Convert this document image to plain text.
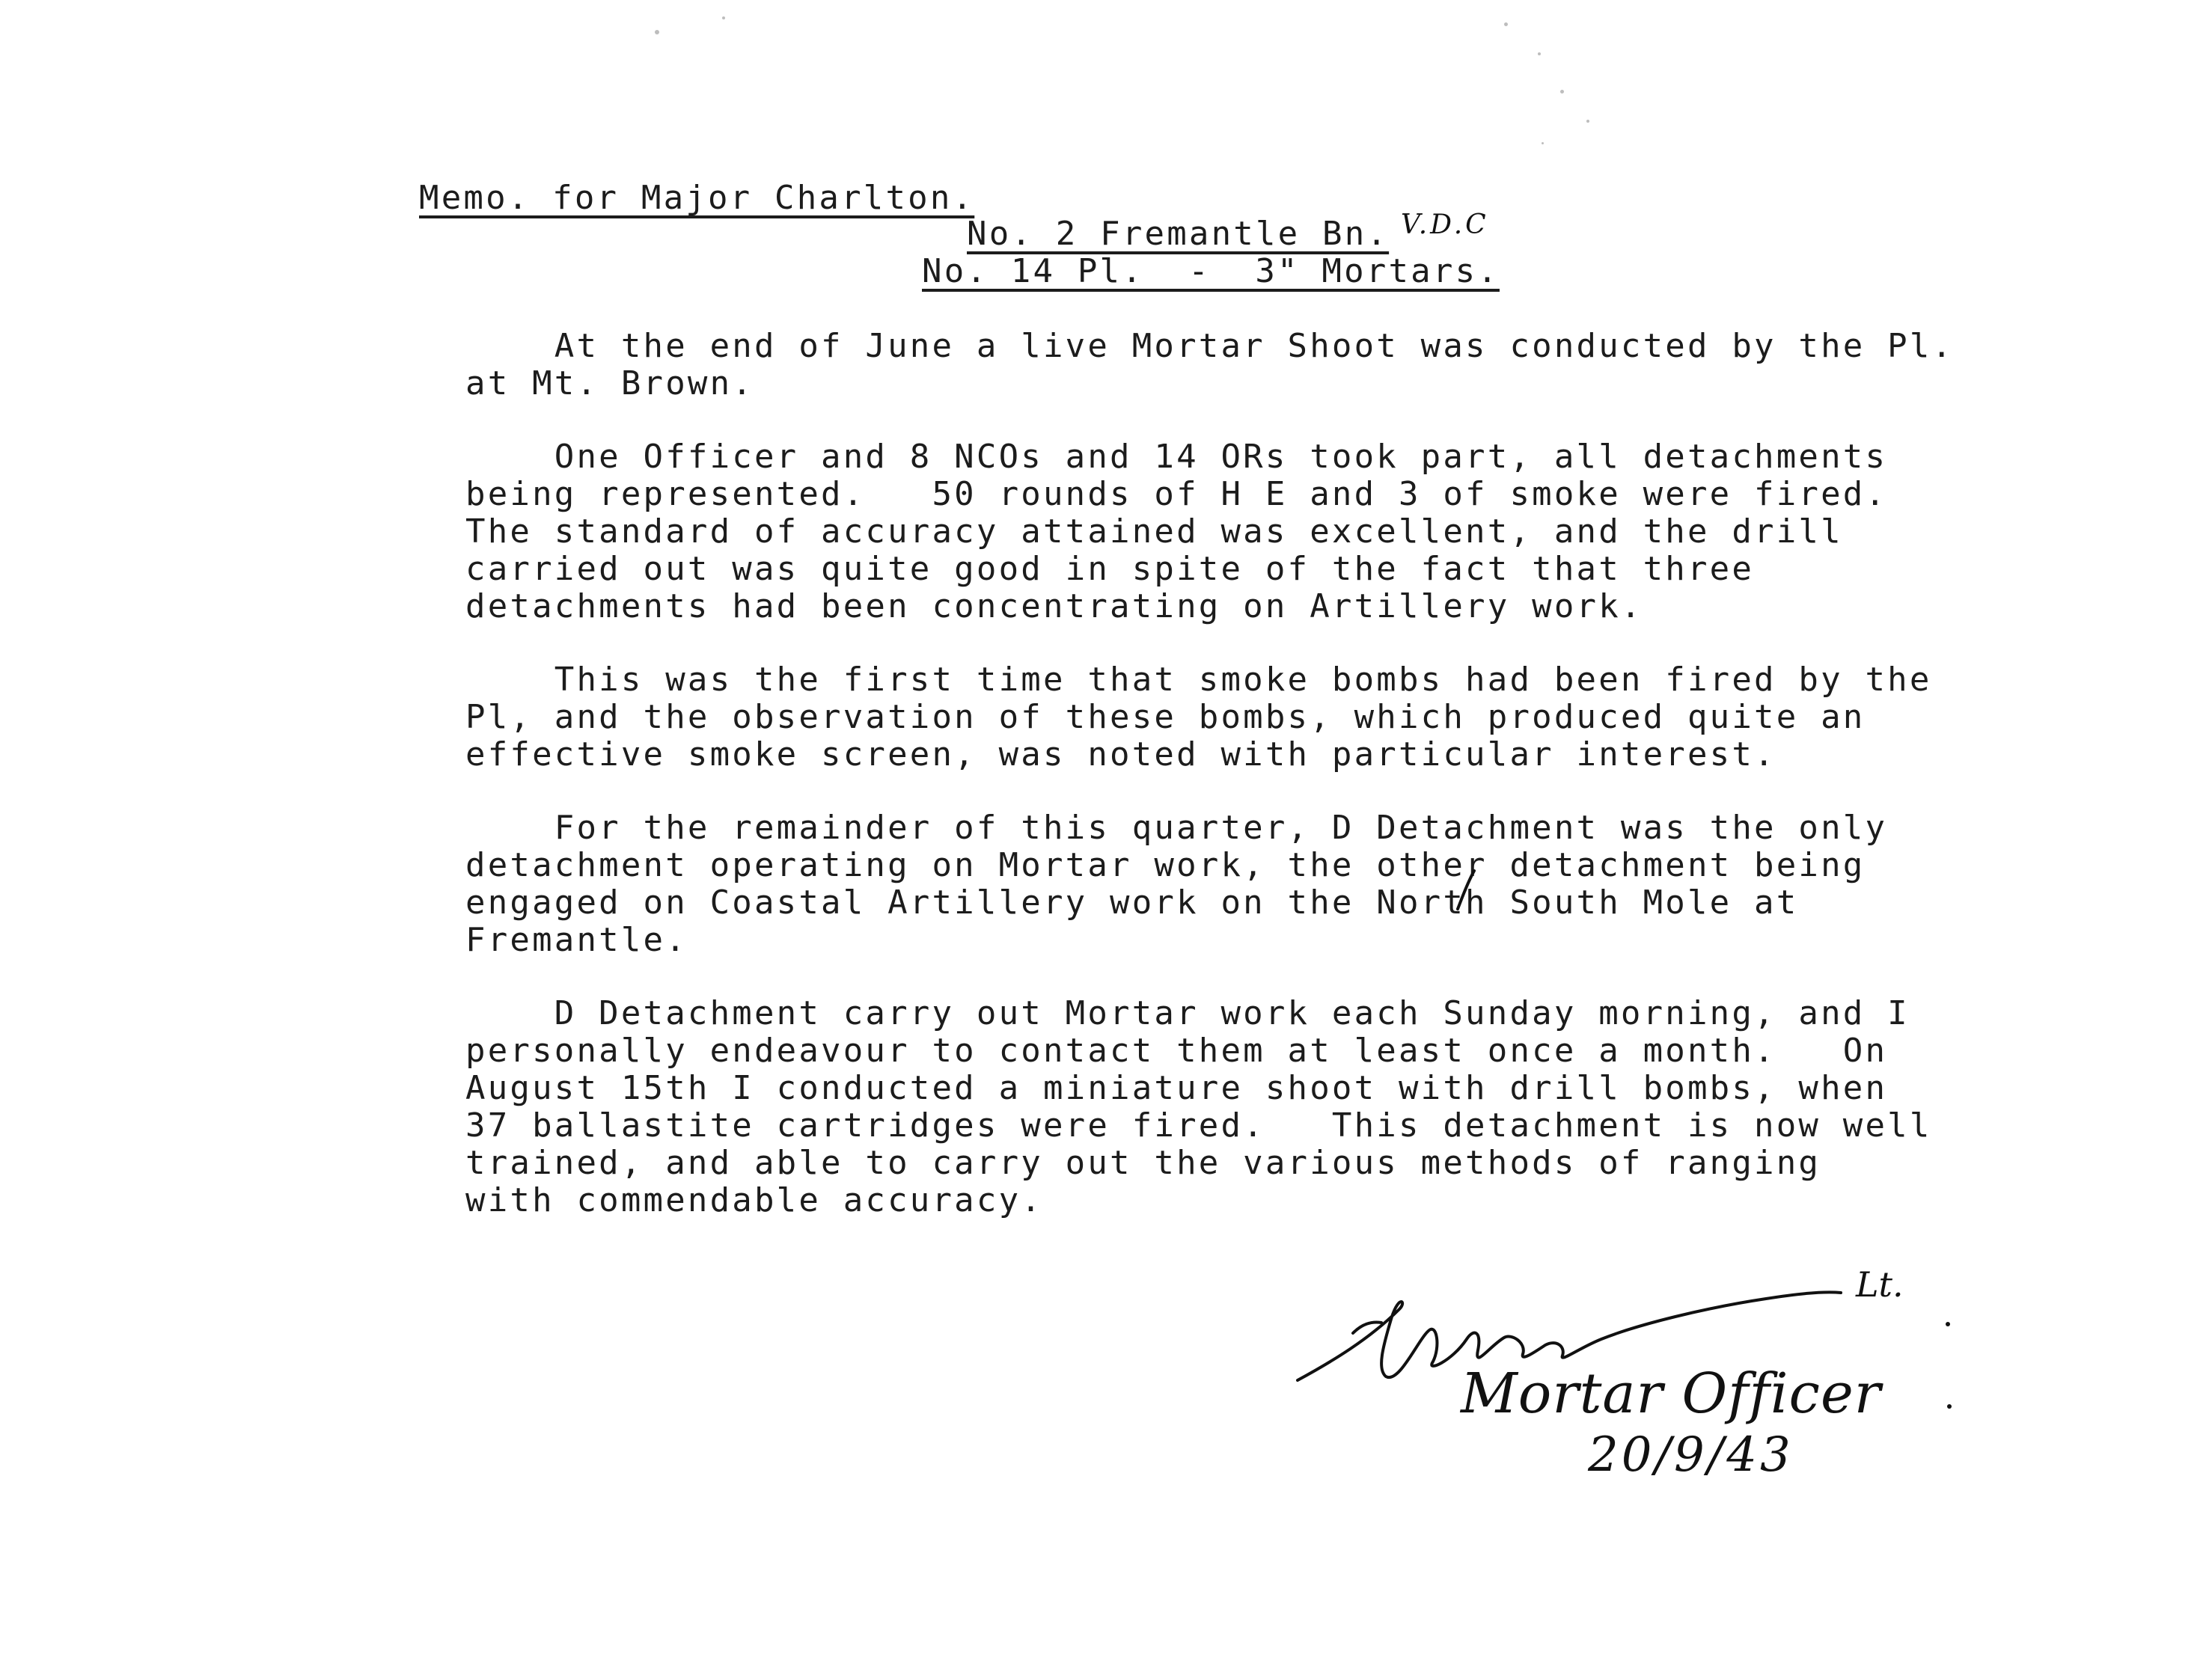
Memo. for Major Charlton.
No. 2 Fremantle Bn. V.D.C
No. 14 Pl.  -  3" Mortars.
At the end of June a live Mortar Shoot was conducted by the Pl.
at Mt. Brown.
One Officer and 8 NCOs and 14 ORs took part, all detachments
being represented.   50 rounds of H E and 3 of smoke were fired.
The standard of accuracy attained was excellent, and the drill
carried out was quite good in spite of the fact that three
detachments had been concentrating on Artillery work.
This was the first time that smoke bombs had been fired by the
Pl, and the observation of these bombs, which produced quite an
effective smoke screen, was noted with particular interest.
For the remainder of this quarter, D Detachment was the only
detachment operating on Mortar work, the other detachment being
engaged on Coastal Artillery work on the North South Mole at
Fremantle.
D Detachment carry out Mortar work each Sunday morning, and I
personally endeavour to contact them at least once a month.   On
August 15th I conducted a miniature shoot with drill bombs, when
37 ballastite cartridges were fired.   This detachment is now well
trained, and able to carry out the various methods of ranging
with commendable accuracy.
Lt.
Mortar Officer
20/9/43
